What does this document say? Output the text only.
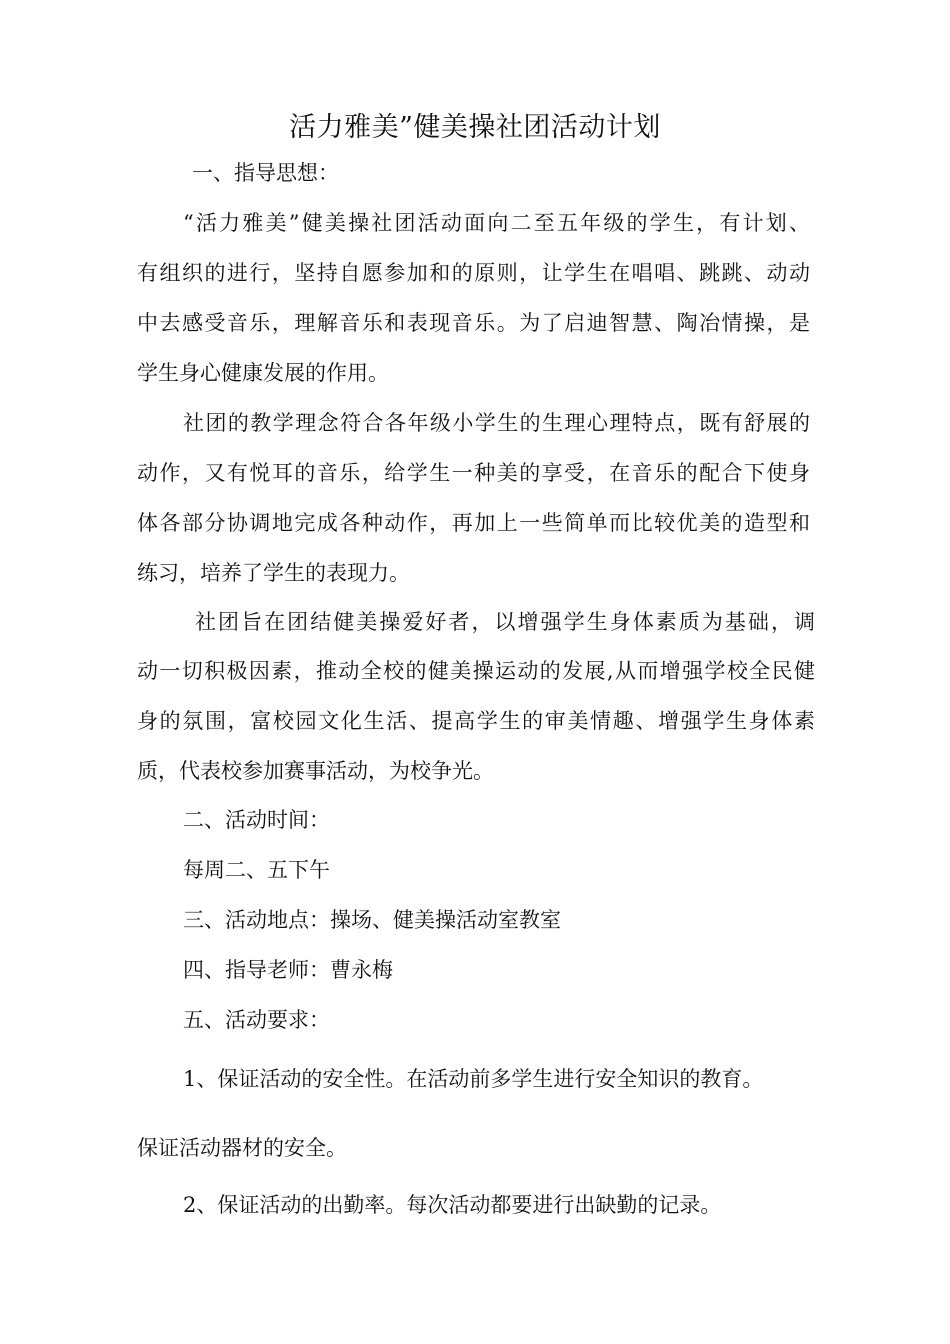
活力雅美”健美操社团活动计划
一、指导思想：
“活力雅美”健美操社团活动面向二至五年级的学生，有计划、
有组织的进行，坚持自愿参加和的原则，让学生在唱唱、跳跳、动动
中去感受音乐，理解音乐和表现音乐。为了启迪智慧、陶冶情操，是
学生身心健康发展的作用。
社团的教学理念符合各年级小学生的生理心理特点，既有舒展的
动作，又有悦耳的音乐，给学生一种美的享受，在音乐的配合下使身
体各部分协调地完成各种动作，再加上一些简单而比较优美的造型和
练习，培养了学生的表现力。
社团旨在团结健美操爱好者，以增强学生身体素质为基础，调
动一切积极因素，推动全校的健美操运动的发展,从而增强学校全民健
身的氛围，富校园文化生活、提高学生的审美情趣、增强学生身体素
质，代表校参加赛事活动，为校争光。
二、活动时间：
每周二、五下午
三、活动地点：操场、健美操活动室教室
四、指导老师：曹永梅
五、活动要求：
1、保证活动的安全性。在活动前多学生进行安全知识的教育。
保证活动器材的安全。
2、保证活动的出勤率。每次活动都要进行出缺勤的记录。
